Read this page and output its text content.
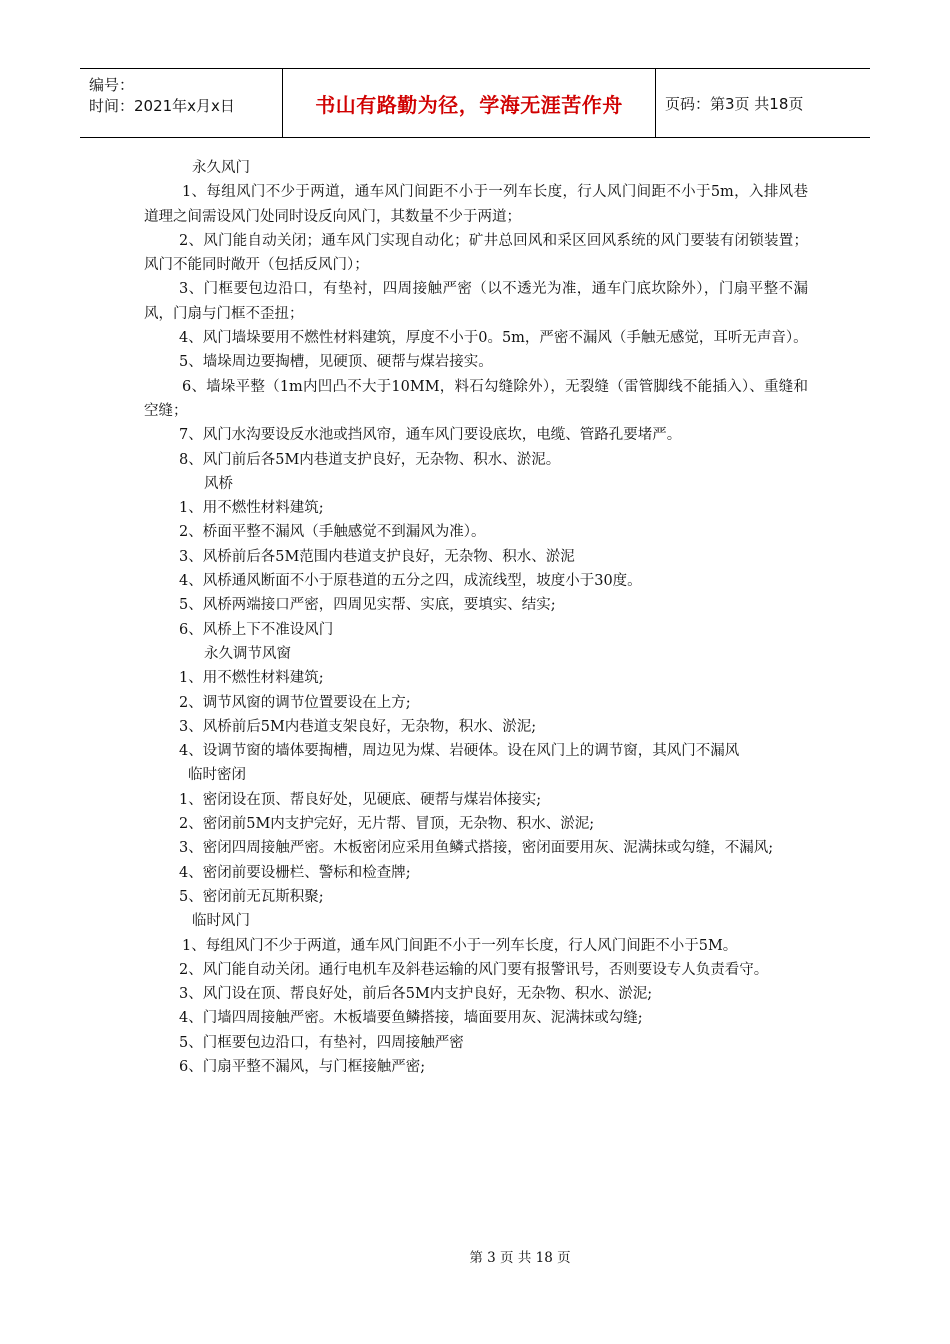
编号：
时间：2021年x月x日	书山有路勤为径，学海无涯苦作舟	页码：第3页 共18页
永久风门
1、每组风门不少于两道，通车风门间距不小于一列车长度，行人风门间距不小于5m，入排风巷道理之间需设风门处同时设反向风门，其数量不少于两道；
2、风门能自动关闭；通车风门实现自动化；矿井总回风和采区回风系统的风门要装有闭锁装置；风门不能同时敞开（包括反风门）；
3、门框要包边沿口，有垫衬，四周接触严密（以不透光为准，通车门底坎除外），门扇平整不漏风，门扇与门框不歪扭；
4、风门墙垛要用不燃性材料建筑，厚度不小于0。5m，严密不漏风（手触无感觉，耳听无声音）。
5、墙垛周边要掏槽，见硬顶、硬帮与煤岩接实。
6、墙垛平整（1m内凹凸不大于10MM，料石勾缝除外），无裂缝（雷管脚线不能插入）、重缝和空缝；
7、风门水沟要设反水池或挡风帘，通车风门要设底坎，电缆、管路孔要堵严。
8、风门前后各5M内巷道支护良好，无杂物、积水、淤泥。
风桥
1、用不燃性材料建筑;
2、桥面平整不漏风（手触感觉不到漏风为准）。
3、风桥前后各5M范围内巷道支护良好，无杂物、积水、淤泥
4、风桥通风断面不小于原巷道的五分之四，成流线型，坡度小于30度。
5、风桥两端接口严密，四周见实帮、实底，要填实、结实;
6、风桥上下不准设风门
永久调节风窗
1、用不燃性材料建筑;
2、调节风窗的调节位置要设在上方;
3、风桥前后5M内巷道支架良好，无杂物，积水、淤泥;
4、设调节窗的墙体要掏槽，周边见为煤、岩硬体。设在风门上的调节窗，其风门不漏风
临时密闭
1、密闭设在顶、帮良好处，见硬底、硬帮与煤岩体接实;
2、密闭前5M内支护完好，无片帮、冒顶，无杂物、积水、淤泥;
3、密闭四周接触严密。木板密闭应采用鱼鳞式搭接，密闭面要用灰、泥满抹或勾缝，不漏风;
4、密闭前要设栅栏、警标和检查牌;
5、密闭前无瓦斯积聚;
临时风门
1、每组风门不少于两道，通车风门间距不小于一列车长度，行人风门间距不小于5M。
2、风门能自动关闭。通行电机车及斜巷运输的风门要有报警讯号，否则要设专人负责看守。
3、风门设在顶、帮良好处，前后各5M内支护良好，无杂物、积水、淤泥;
4、门墙四周接触严密。木板墙要鱼鳞搭接，墙面要用灰、泥满抹或勾缝;
5、门框要包边沿口，有垫衬，四周接触严密
6、门扇平整不漏风，与门框接触严密;
第 3 页 共 18 页
